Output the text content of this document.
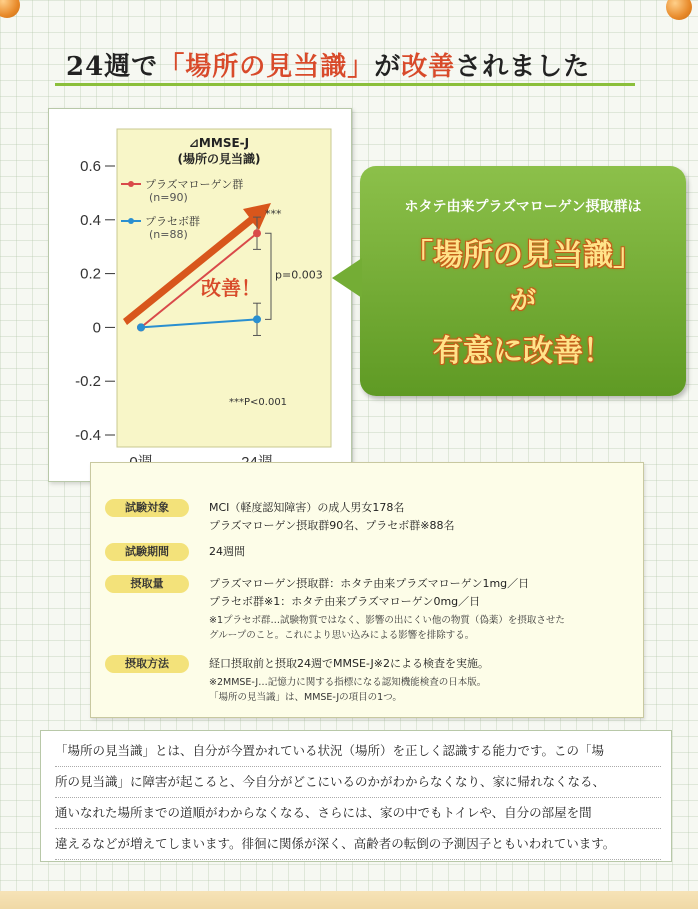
24週で「場所の見当識」が改善されました
0.6
0.4
0.2
0
-0.2
-0.4
⊿MMSE-J
(場所の見当識)
プラズマローゲン群
(n=90)
プラセボ群
(n=88)
p=0.003
***
改善！
***P<0.001
ホタテ由来プラズマローゲン摂取群は
「場所の見当識」
が
有意に改善！
試験対象	MCI（軽度認知障害）の成人男女178名
プラズマローゲン摂取群90名、プラセボ群※88名
試験期間	24週間
摂取量	プラズマローゲン摂取群：ホタテ由来プラズマローゲン1mg／日
プラセボ群※1：ホタテ由来プラズマローゲン0mg／日
※1プラセボ群…試験物質ではなく、影響の出にくい他の物質（偽薬）を摂取させた
グループのこと。これにより思い込みによる影響を排除する。
摂取方法	経口摂取前と摂取24週でMMSE-J※2による検査を実施。
※2MMSE-J…記憶力に関する指標になる認知機能検査の日本版。
「場所の見当識」は、MMSE-Jの項目の1つ。
「場所の見当識」とは、自分が今置かれている状況（場所）を正しく認識する能力です。この「場
所の見当識」に障害が起こると、今自分がどこにいるのかがわからなくなり、家に帰れなくなる、
通いなれた場所までの道順がわからなくなる、さらには、家の中でもトイレや、自分の部屋を間
違えるなどが増えてしまいます。徘徊に関係が深く、高齢者の転倒の予測因子ともいわれています。
